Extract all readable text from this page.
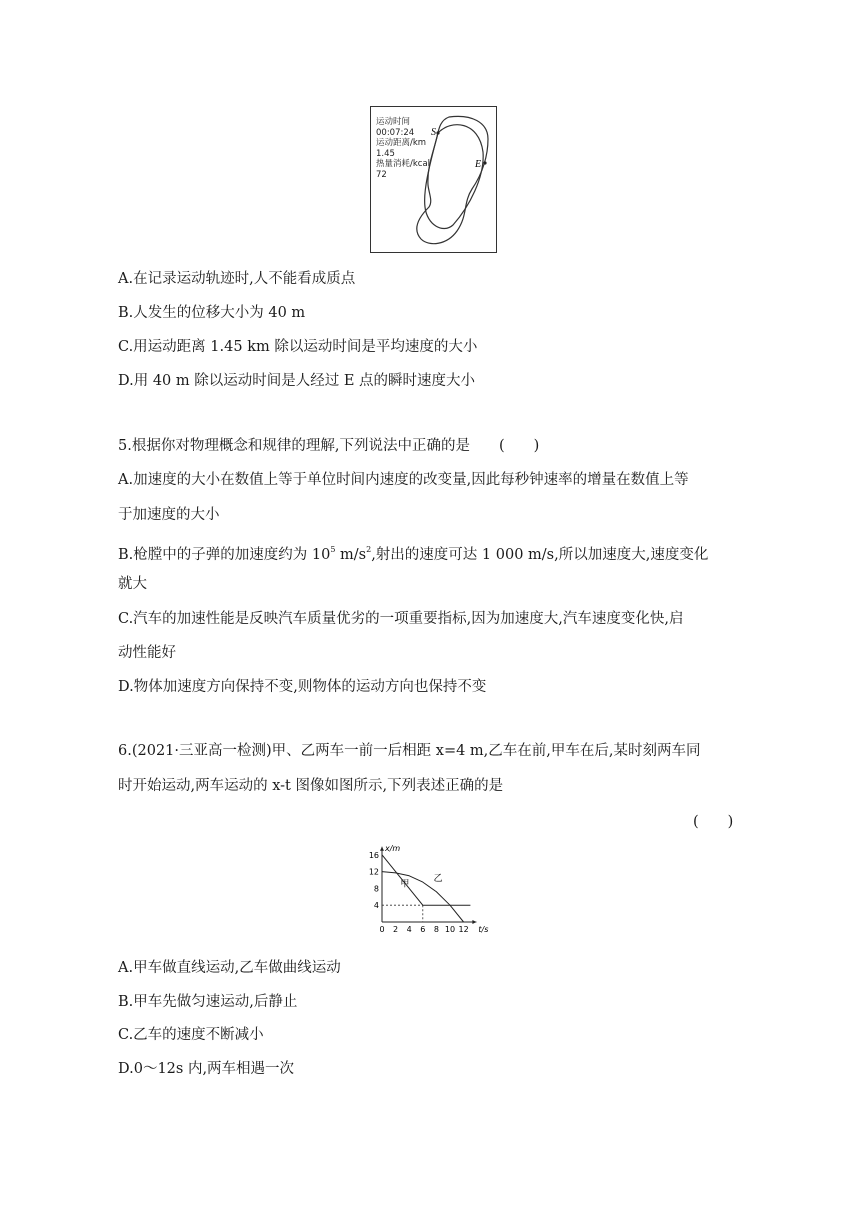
运动时间
00:07:24
运动距离/km
1.45
热量消耗/kcal
72
S
E
A.在记录运动轨迹时,人不能看成质点
B.人发生的位移大小为 40 m
C.用运动距离 1.45 km 除以运动时间是平均速度的大小
D.用 40 m 除以运动时间是人经过 E 点的瞬时速度大小
5.根据你对物理概念和规律的理解,下列说法中正确的是　　(　　)
A.加速度的大小在数值上等于单位时间内速度的改变量,因此每秒钟速率的增量在数值上等
于加速度的大小
B.枪膛中的子弹的加速度约为 $10^5$ $m/s^2$,射出的速度可达 1 000 m/s,所以加速度大,速度变化
就大
C.汽车的加速性能是反映汽车质量优劣的一项重要指标,因为加速度大,汽车速度变化快,启
动性能好
D.物体加速度方向保持不变,则物体的运动方向也保持不变
6.(2021·三亚高一检测)甲、乙两车一前一后相距 x=4 m,乙车在前,甲车在后,某时刻两车同
时开始运动,两车运动的 x-t 图像如图所示,下列表述正确的是
(　　)
0 2 4 6 8 10 12
4
8
12
16
t/s
x/m
甲
乙
A.甲车做直线运动,乙车做曲线运动
B.甲车先做匀速运动,后静止
C.乙车的速度不断减小
D.0～12s 内,两车相遇一次
